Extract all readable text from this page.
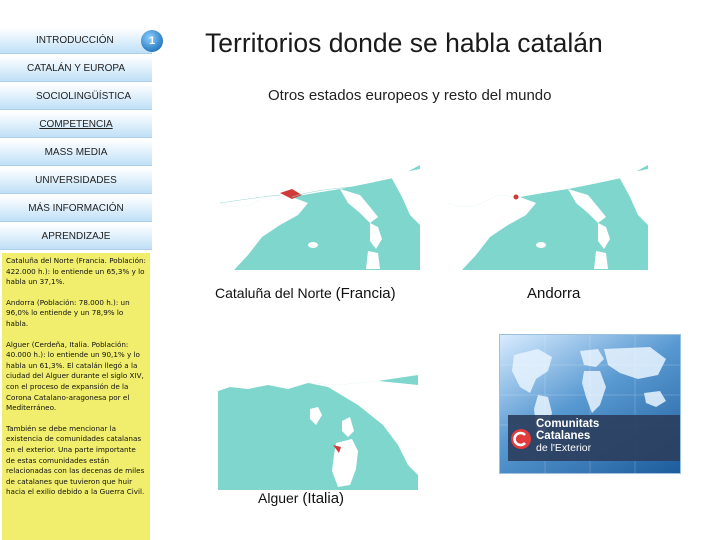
INTRODUCCIÓN
CATALÁN Y EUROPA
SOCIOLINGÜÍSTICA
COMPETENCIA
MASS MEDIA
UNIVERSIDADES
MÁS INFORMACIÓN
APRENDIZAJE

Cataluña del Norte (Francia. Población: 422.000 h.): lo entiende un 65,3% y lo habla un 37,1%.

Andorra (Población: 78.000 h.): un 96,0% lo entiende y un 78,9% lo habla.

Alguer (Cerdeña, Italia. Población: 40.000 h.): lo entiende un 90,1% y lo habla un 61,3%. El catalán llegó a la ciudad del Alguer durante el siglo XIV, con el proceso de expansión de la Corona Catalano-aragonesa por el Mediterráneo.

También se debe mencionar la existencia de comunidades catalanas en el exterior. Una parte importante de estas comunidades están relacionadas con las decenas de miles de catalanes que tuvieron que huir hacia el exilio debido a la Guerra Civil.

1 Territorios donde se habla catalán
Otros estados europeos y resto del mundo
Cataluña del Norte (Francia)	Andorra
Alguer (Italia)
Comunitats
Catalanes
de l'Exterior
